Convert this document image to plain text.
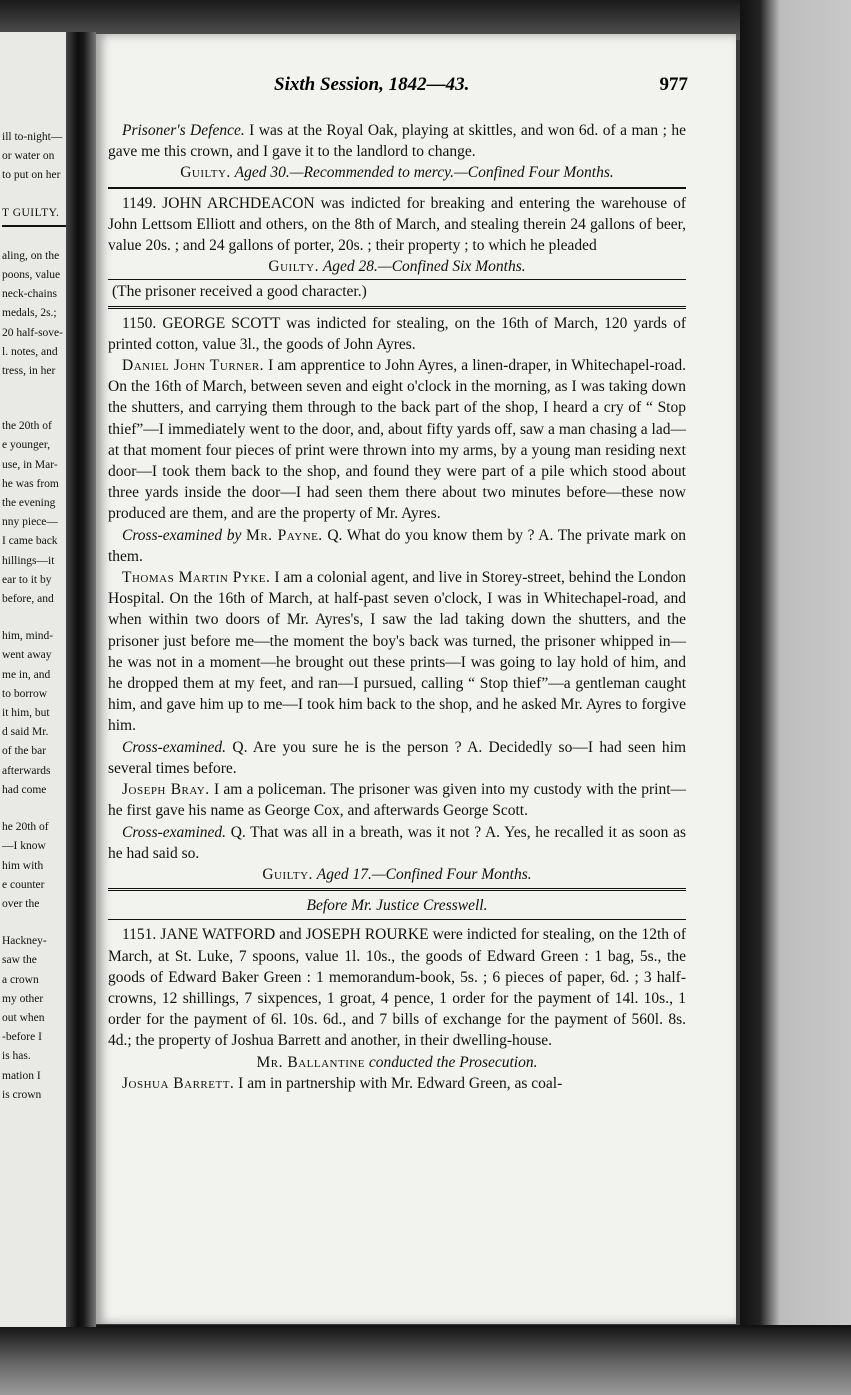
ill to-night—
or water on
to put on her
T GUILTY.
aling, on the
poons, value
neck-chains
medals, 2s.;
20 half-sove-
l. notes, and
tress, in her
the 20th of
e younger,
use, in Mar-
he was from
the evening
nny piece—
I came back
hillings—it
ear to it by
before, and
him, mind-
went away
me in, and
to borrow
it him, but
d said Mr.
of the bar
afterwards
had come
he 20th of
—I know
him with
e counter
over the
Hackney-
saw the
a crown
my other
out when
-before I
is has.
mation I
is crown
Sixth Session, 1842—43.	977

Prisoner's Defence. I was at the Royal Oak, playing at skittles, and won 6d. of a man ; he gave me this crown, and I gave it to the landlord to change.

Guilty. Aged 30.—Recommended to mercy.—Confined Four Months.

1149. JOHN ARCHDEACON was indicted for breaking and entering the warehouse of John Lettsom Elliott and others, on the 8th of March, and stealing therein 24 gallons of beer, value 20s. ; and 24 gallons of porter, 20s. ; their property ; to which he pleaded

Guilty. Aged 28.—Confined Six Months.

(The prisoner received a good character.)

1150. GEORGE SCOTT was indicted for stealing, on the 16th of March, 120 yards of printed cotton, value 3l., the goods of John Ayres.

Daniel John Turner. I am apprentice to John Ayres, a linen-draper, in Whitechapel-road. On the 16th of March, between seven and eight o'clock in the morning, as I was taking down the shutters, and carrying them through to the back part of the shop, I heard a cry of “ Stop thief”—I immediately went to the door, and, about fifty yards off, saw a man chasing a lad—at that moment four pieces of print were thrown into my arms, by a young man residing next door—I took them back to the shop, and found they were part of a pile which stood about three yards inside the door—I had seen them there about two minutes before—these now produced are them, and are the property of Mr. Ayres.

Cross-examined by Mr. Payne. Q. What do you know them by ? A. The private mark on them.

Thomas Martin Pyke. I am a colonial agent, and live in Storey-street, behind the London Hospital. On the 16th of March, at half-past seven o'clock, I was in Whitechapel-road, and when within two doors of Mr. Ayres's, I saw the lad taking down the shutters, and the prisoner just before me—the moment the boy's back was turned, the prisoner whipped in—he was not in a moment—he brought out these prints—I was going to lay hold of him, and he dropped them at my feet, and ran—I pursued, calling “ Stop thief”—a gentleman caught him, and gave him up to me—I took him back to the shop, and he asked Mr. Ayres to forgive him.

Cross-examined. Q. Are you sure he is the person ? A. Decidedly so—I had seen him several times before.

Joseph Bray. I am a policeman. The prisoner was given into my custody with the print—he first gave his name as George Cox, and afterwards George Scott.

Cross-examined. Q. That was all in a breath, was it not ? A. Yes, he recalled it as soon as he had said so.

Guilty. Aged 17.—Confined Four Months.

Before Mr. Justice Cresswell.

1151. JANE WATFORD and JOSEPH ROURKE were indicted for stealing, on the 12th of March, at St. Luke, 7 spoons, value 1l. 10s., the goods of Edward Green : 1 bag, 5s., the goods of Edward Baker Green : 1 memorandum-book, 5s. ; 6 pieces of paper, 6d. ; 3 half-crowns, 12 shillings, 7 sixpences, 1 groat, 4 pence, 1 order for the payment of 14l. 10s., 1 order for the payment of 6l. 10s. 6d., and 7 bills of exchange for the payment of 560l. 8s. 4d.; the property of Joshua Barrett and another, in their dwelling-house.

Mr. Ballantine conducted the Prosecution.

Joshua Barrett. I am in partnership with Mr. Edward Green, as coal-
